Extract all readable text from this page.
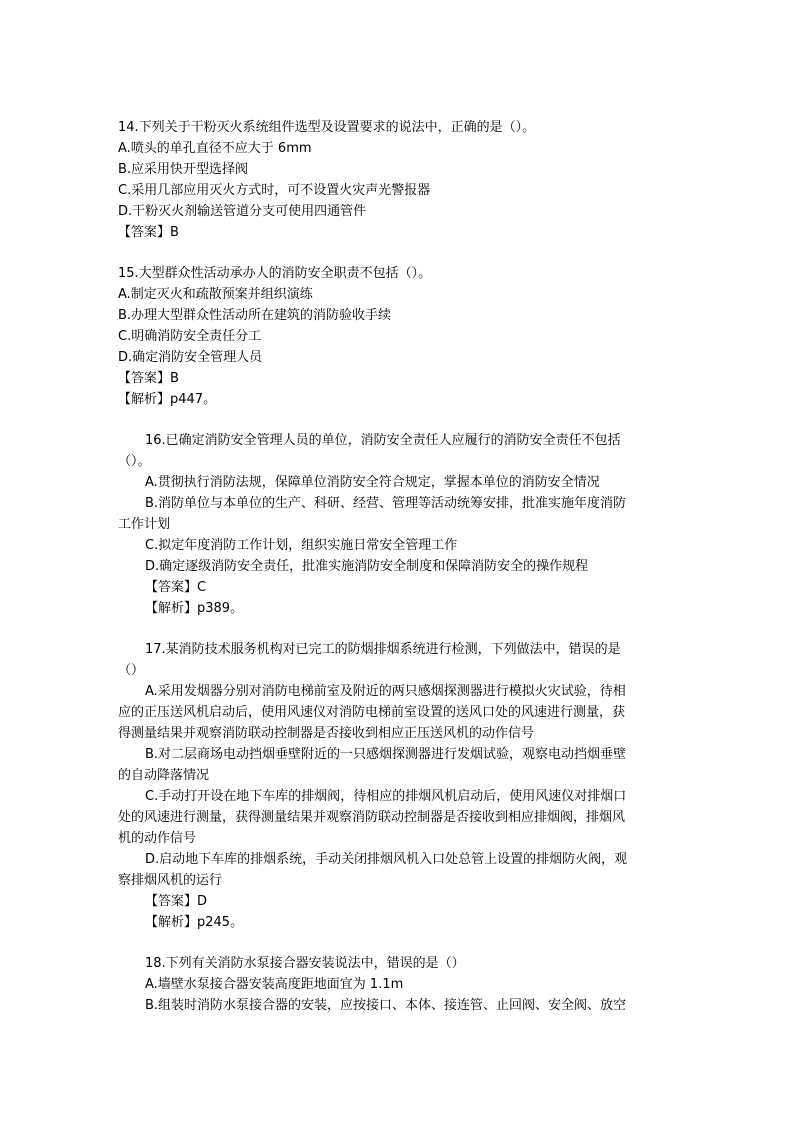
14.下列关于干粉灭火系统组件选型及设置要求的说法中，正确的是（）。
A.喷头的单孔直径不应大于 6mm
B.应采用快开型选择阀
C.采用几部应用灭火方式时，可不设置火灾声光警报器
D.干粉灭火剂输送管道分支可使用四通管件
【答案】B
15.大型群众性活动承办人的消防安全职责不包括（）。
A.制定灭火和疏散预案并组织演练
B.办理大型群众性活动所在建筑的消防验收手续
C.明确消防安全责任分工
D.确定消防安全管理人员
【答案】B
【解析】p447。
16.已确定消防安全管理人员的单位，消防安全责任人应履行的消防安全责任不包括
（）。
A.贯彻执行消防法规，保障单位消防安全符合规定，掌握本单位的消防安全情况
B.消防单位与本单位的生产、科研、经营、管理等活动统筹安排，批准实施年度消防
工作计划
C.拟定年度消防工作计划，组织实施日常安全管理工作
D.确定逐级消防安全责任，批准实施消防安全制度和保障消防安全的操作规程
【答案】C
【解析】p389。
17.某消防技术服务机构对已完工的防烟排烟系统进行检测，下列做法中，错误的是
（）
A.采用发烟器分别对消防电梯前室及附近的两只感烟探测器进行模拟火灾试验，待相
应的正压送风机启动后，使用风速仪对消防电梯前室设置的送风口处的风速进行测量，获
得测量结果并观察消防联动控制器是否接收到相应正压送风机的动作信号
B.对二层商场电动挡烟垂壁附近的一只感烟探测器进行发烟试验，观察电动挡烟垂壁
的自动降落情况
C.手动打开设在地下车库的排烟阀，待相应的排烟风机启动后，使用风速仪对排烟口
处的风速进行测量，获得测量结果并观察消防联动控制器是否接收到相应排烟阀，排烟风
机的动作信号
D.启动地下车库的排烟系统，手动关闭排烟风机入口处总管上设置的排烟防火阀，观
察排烟风机的运行
【答案】D
【解析】p245。
18.下列有关消防水泵接合器安装说法中，错误的是（）
A.墙壁水泵接合器安装高度距地面宜为 1.1m
B.组装时消防水泵接合器的安装，应按接口、本体、接连管、止回阀、安全阀、放空
